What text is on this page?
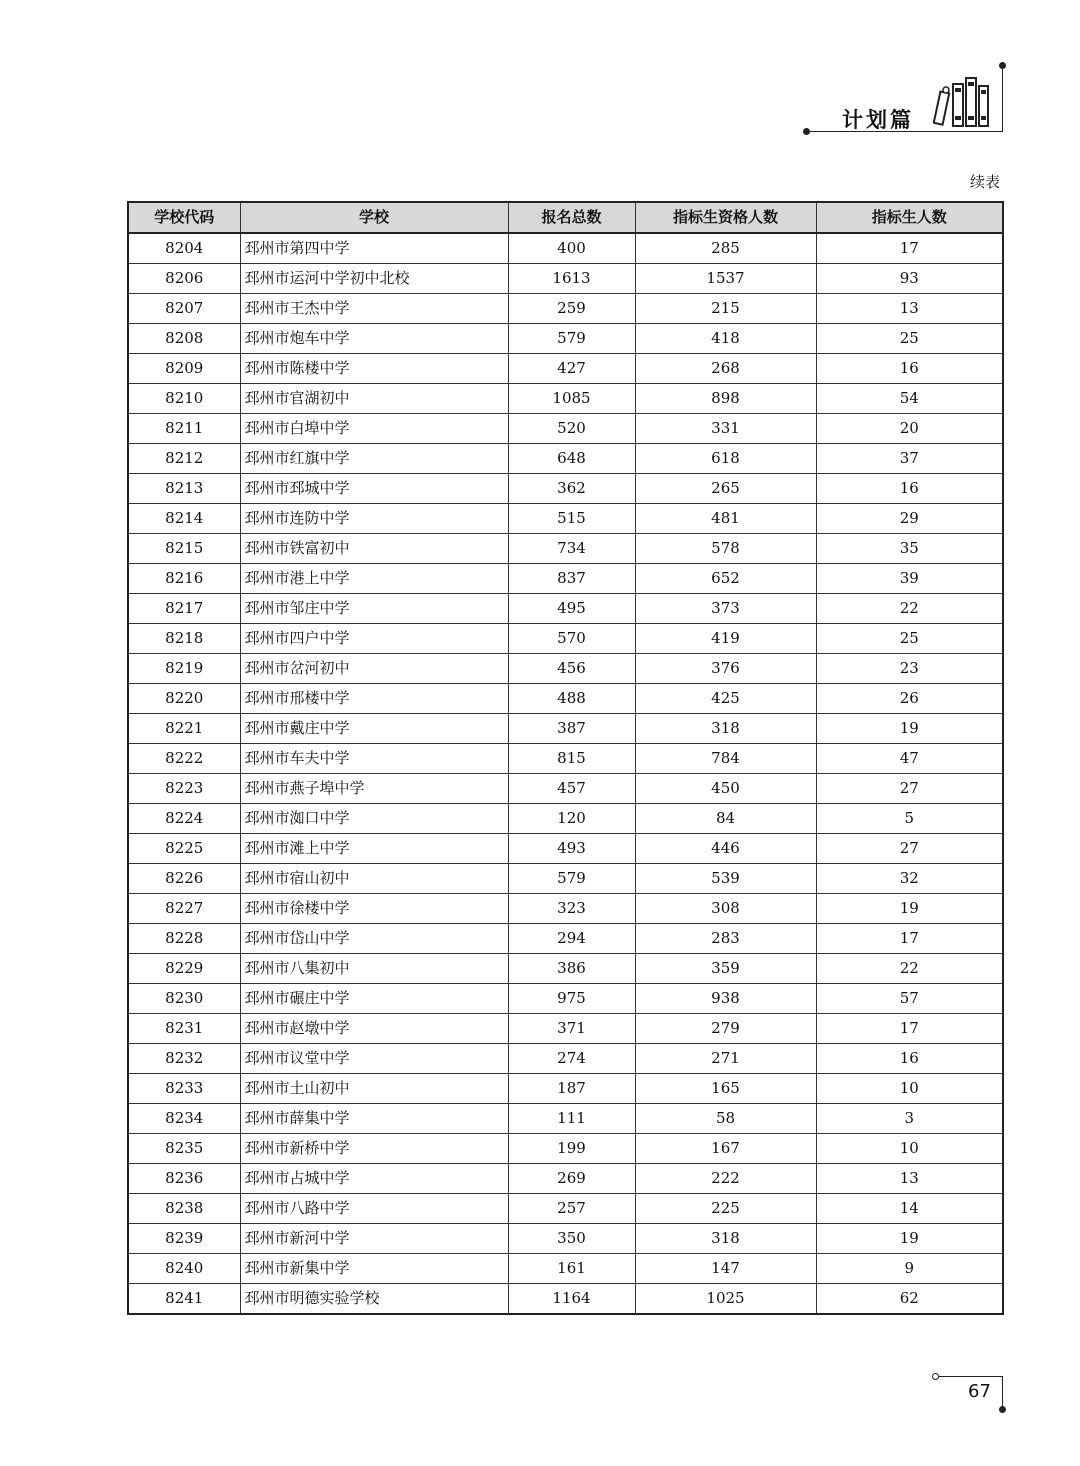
计划篇
续表
学校代码	学校	报名总数	指标生资格人数	指标生人数
8204	邳州市第四中学	400	285	17
8206	邳州市运河中学初中北校	1613	1537	93
8207	邳州市王杰中学	259	215	13
8208	邳州市炮车中学	579	418	25
8209	邳州市陈楼中学	427	268	16
8210	邳州市官湖初中	1085	898	54
8211	邳州市白埠中学	520	331	20
8212	邳州市红旗中学	648	618	37
8213	邳州市邳城中学	362	265	16
8214	邳州市连防中学	515	481	29
8215	邳州市铁富初中	734	578	35
8216	邳州市港上中学	837	652	39
8217	邳州市邹庄中学	495	373	22
8218	邳州市四户中学	570	419	25
8219	邳州市岔河初中	456	376	23
8220	邳州市邢楼中学	488	425	26
8221	邳州市戴庄中学	387	318	19
8222	邳州市车夫中学	815	784	47
8223	邳州市燕子埠中学	457	450	27
8224	邳州市洳口中学	120	84	5
8225	邳州市滩上中学	493	446	27
8226	邳州市宿山初中	579	539	32
8227	邳州市徐楼中学	323	308	19
8228	邳州市岱山中学	294	283	17
8229	邳州市八集初中	386	359	22
8230	邳州市碾庄中学	975	938	57
8231	邳州市赵墩中学	371	279	17
8232	邳州市议堂中学	274	271	16
8233	邳州市土山初中	187	165	10
8234	邳州市薛集中学	111	58	3
8235	邳州市新桥中学	199	167	10
8236	邳州市占城中学	269	222	13
8238	邳州市八路中学	257	225	14
8239	邳州市新河中学	350	318	19
8240	邳州市新集中学	161	147	9
8241	邳州市明德实验学校	1164	1025	62
67
